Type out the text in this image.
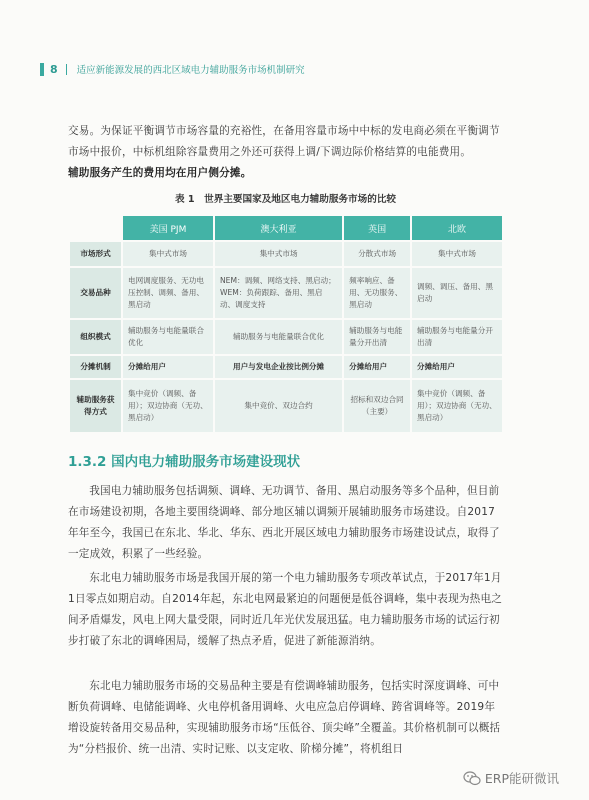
8 适应新能源发展的西北区域电力辅助服务市场机制研究
交易。为保证平衡调节市场容量的充裕性，在备用容量市场中中标的发电商必须在平衡调节市场中报价，中标机组除容量费用之外还可获得上调/下调边际价格结算的电能费用。
辅助服务产生的费用均在用户侧分摊。
表 1　世界主要国家及地区电力辅助服务市场的比较
	美国 PJM	澳大利亚	英国	北欧
市场形式	集中式市场	集中式市场	分散式市场	集中式市场
交易品种	电网调度服务、无功电压控制、调频、备用、黑启动	NEM：调频、网络支持、黑启动；WEM：负荷跟踪、备用、黑启动、调度支持	频率响应、备用、无功服务、黑启动	调频、调压、备用、黑启动
组织模式	辅助服务与电能量联合优化	辅助服务与电能量联合优化	辅助服务与电能量分开出清	辅助服务与电能量分开出清
分摊机制	分摊给用户	用户与发电企业按比例分摊	分摊给用户	分摊给用户
辅助服务获得方式	集中竞价（调频、备用）；双边协商（无功、黑启动）	集中竞价、双边合约	招标和双边合同（主要）	集中竞价（调频、备用）；双边协商（无功、黑启动）
1.3.2 国内电力辅助服务市场建设现状
我国电力辅助服务包括调频、调峰、无功调节、备用、黑启动服务等多个品种，但目前在市场建设初期，各地主要围绕调峰、部分地区辅以调频开展辅助服务市场建设。自2017年年至今，我国已在东北、华北、华东、西北开展区域电力辅助服务市场建设试点，取得了一定成效，积累了一些经验。
东北电力辅助服务市场是我国开展的第一个电力辅助服务专项改革试点，于2017年1月1日零点如期启动。自2014年起，东北电网最紧迫的问题便是低谷调峰，集中表现为热电之间矛盾爆发，风电上网大量受限，同时近几年光伏发展迅猛。电力辅助服务市场的试运行初步打破了东北的调峰困局，缓解了热点矛盾，促进了新能源消纳。
东北电力辅助服务市场的交易品种主要是有偿调峰辅助服务，包括实时深度调峰、可中断负荷调峰、电储能调峰、火电停机备用调峰、火电应急启停调峰、跨省调峰等。2019年增设旋转备用交易品种，实现辅助服务市场“压低谷、顶尖峰”全覆盖。其价格机制可以概括为“分档报价、统一出清、实时记账、以支定收、阶梯分摊”，将机组日
ERP能研微讯
